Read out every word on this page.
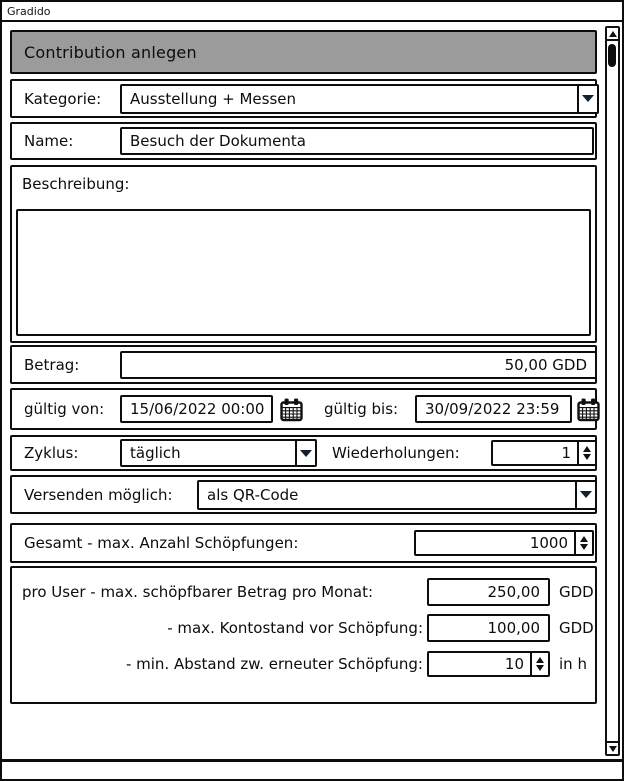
Gradido
Contribution anlegen
Kategorie:	Ausstellung + Messen
Name:	Besuch der Dokumenta
Beschreibung:
Betrag:	50,00 GDD
gültig von: 15/06/2022 00:00	gültig bis: 30/09/2022 23:59
Zyklus:	täglich	Wiederholungen:	1
Versenden möglich:	als QR-Code
Gesamt - max. Anzahl Schöpfungen:	1000
pro User - max. schöpfbarer Betrag pro Monat:	250,00 GDD
- max. Kontostand vor Schöpfung:	100,00 GDD
- min. Abstand zw. erneuter Schöpfung:	10	in h
